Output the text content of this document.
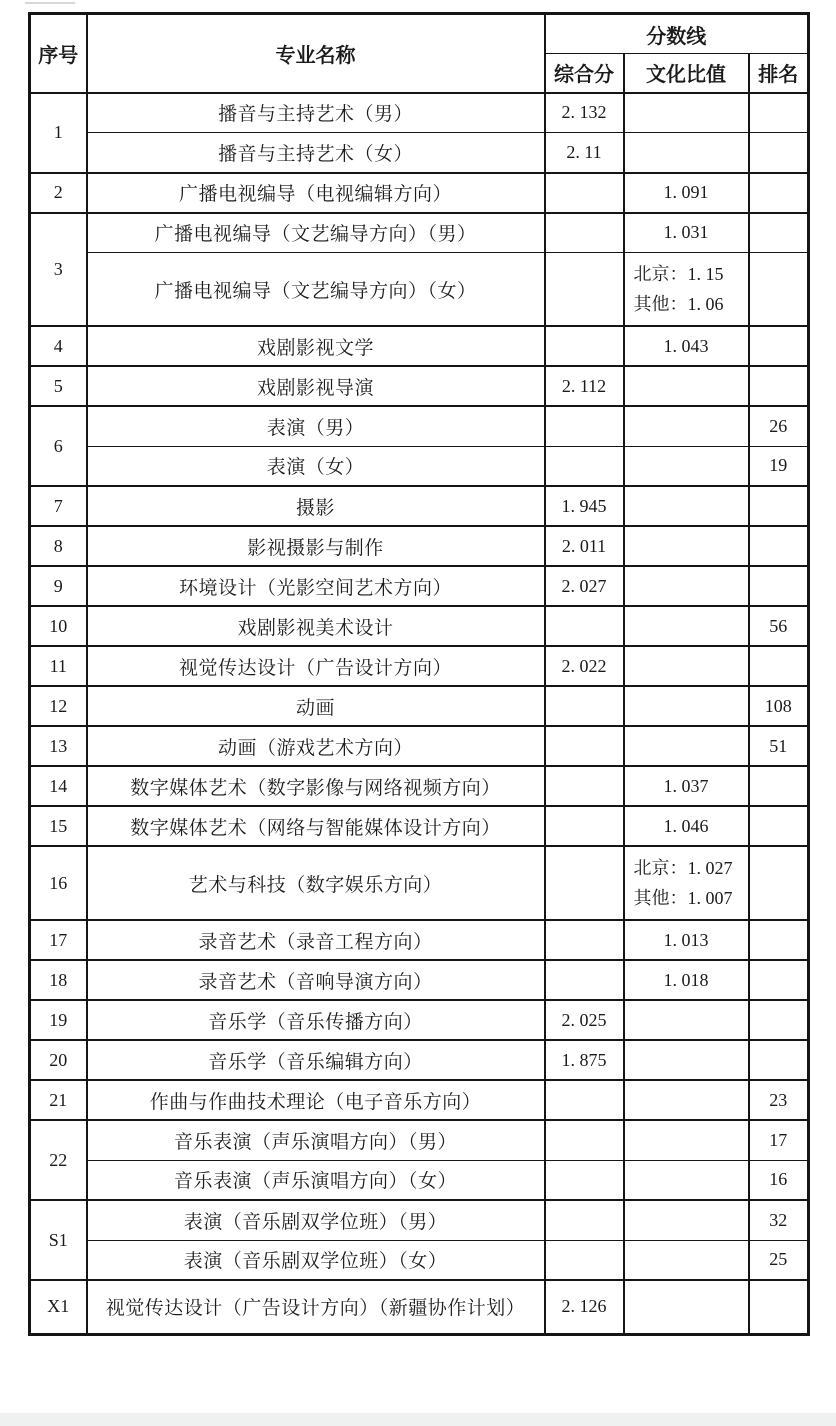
序号	专业名称	分数线		
		综合分	文化比值	排名
1	播音与主持艺术（男）	2. 132		
	播音与主持艺术（女）	2. 11		
2	广播电视编导（电视编辑方向）		1. 091	
3	广播电视编导（文艺编导方向）（男）		1. 031	
	广播电视编导（文艺编导方向）（女）		北京：1. 15
其他：1. 06	

4	戏剧影视文学		1. 043	
5	戏剧影视导演	2. 112		
6	表演（男）			26
	表演（女）			19
7	摄影	1. 945		
8	影视摄影与制作	2. 011		
9	环境设计（光影空间艺术方向）	2. 027		
10	戏剧影视美术设计			56
11	视觉传达设计（广告设计方向）	2. 022		
12	动画			108
13	动画（游戏艺术方向）			51
14	数字媒体艺术（数字影像与网络视频方向）		1. 037	
15	数字媒体艺术（网络与智能媒体设计方向）		1. 046	
16	艺术与科技（数字娱乐方向）		北京：1. 027
其他：1. 007	

17	录音艺术（录音工程方向）		1. 013	
18	录音艺术（音响导演方向）		1. 018	
19	音乐学（音乐传播方向）	2. 025		
20	音乐学（音乐编辑方向）	1. 875		
21	作曲与作曲技术理论（电子音乐方向）			23
22	音乐表演（声乐演唱方向）（男）			17
	音乐表演（声乐演唱方向）（女）			16
S1	表演（音乐剧双学位班）（男）			32
	表演（音乐剧双学位班）（女）			25
X1	视觉传达设计（广告设计方向）（新疆协作计划）	2. 126		
